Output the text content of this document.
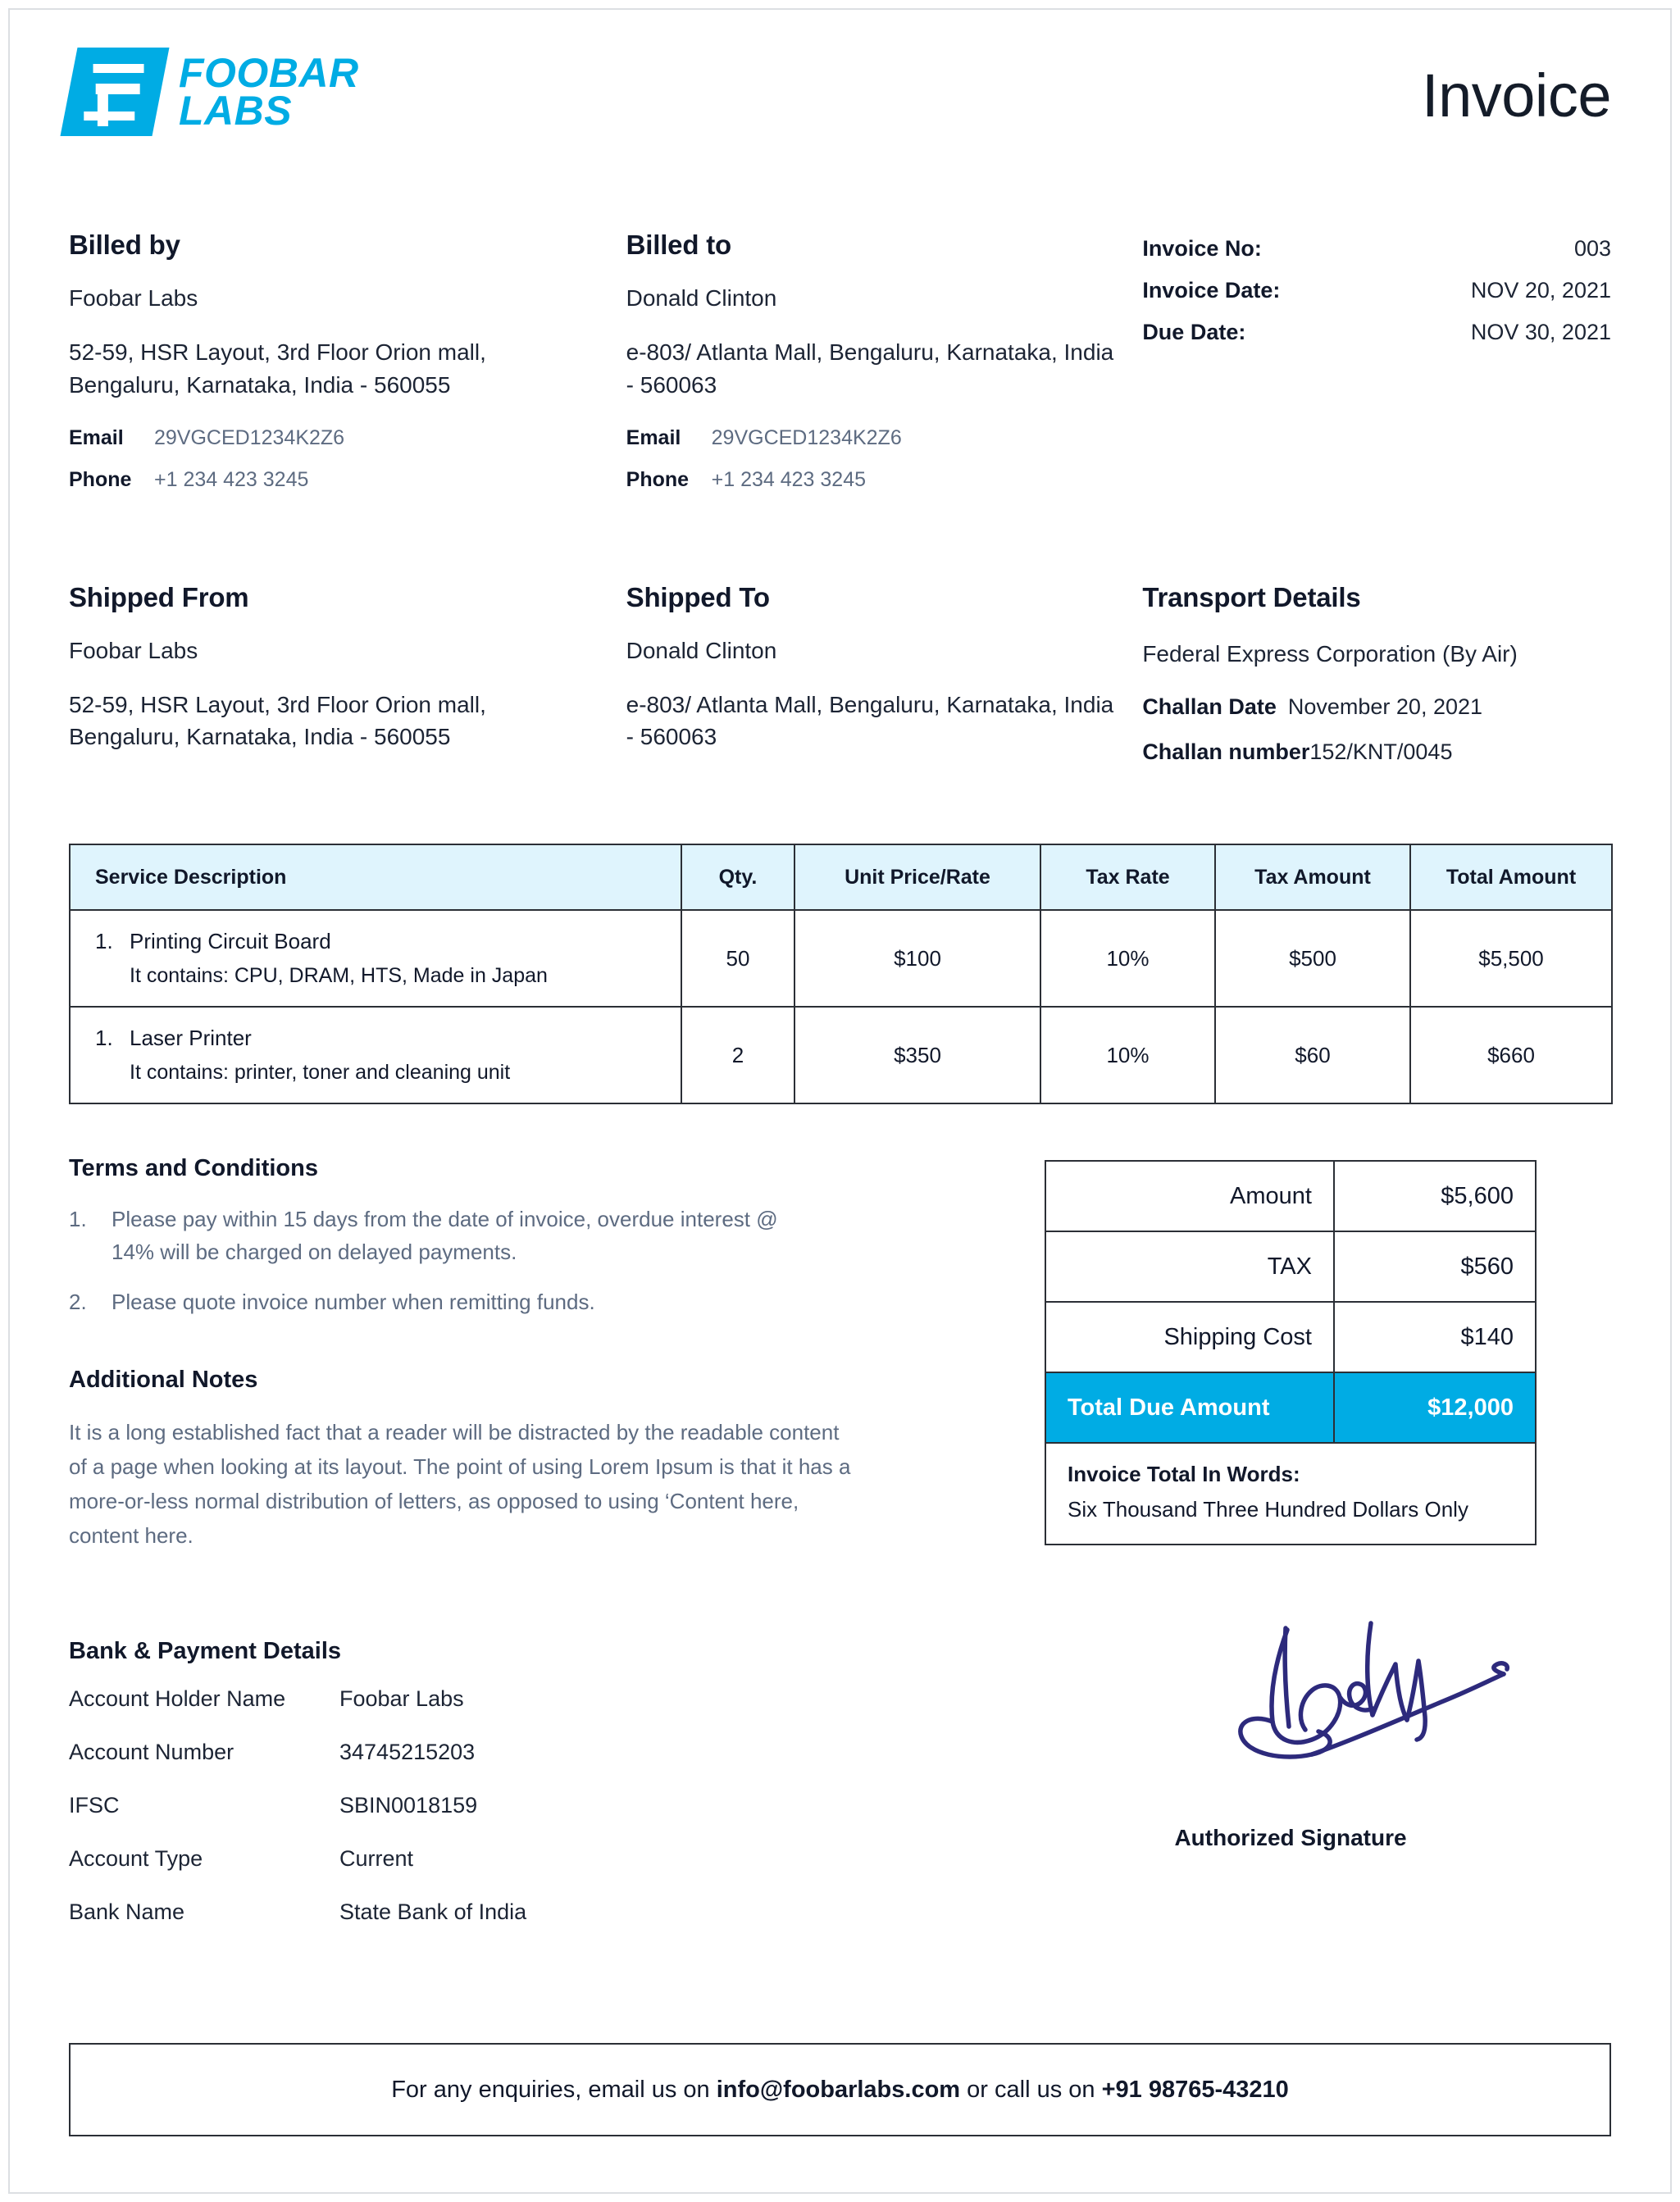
FOOBAR
LABS	Invoice
Billed by
Foobar Labs
52-59, HSR Layout, 3rd Floor Orion mall, Bengaluru, Karnataka, India - 560055
Email	29VGCED1234K2Z6
Phone	+1 234 423 3245
Billed to
Donald Clinton
e-803/ Atlanta Mall, Bengaluru, Karnataka, India - 560063
Email	29VGCED1234K2Z6
Phone	+1 234 423 3245
Invoice No:	003
Invoice Date:	NOV 20, 2021
Due Date:	NOV 30, 2021
Shipped From
Foobar Labs
52-59, HSR Layout, 3rd Floor Orion mall, Bengaluru, Karnataka, India - 560055
Shipped To
Donald Clinton
e-803/ Atlanta Mall, Bengaluru, Karnataka, India - 560063
Transport Details
Federal Express Corporation (By Air)
Challan Date November 20, 2021
Challan number 152/KNT/0045
Service Description	Qty.	Unit Price/Rate	Tax Rate	Tax Amount	Total Amount

1. Printing Circuit Board
It contains: CPU, DRAM, HTS, Made in Japan	50	$100	10%	$500	$5,500

1. Laser Printer
It contains: printer, toner and cleaning unit	2	$350	10%	$60	$660
Terms and Conditions
1.	Please pay within 15 days from the date of invoice, overdue interest @ 14% will be charged on delayed payments.
2.	Please quote invoice number when remitting funds.
Additional Notes
It is a long established fact that a reader will be distracted by the readable content of a page when looking at its layout. The point of using Lorem Ipsum is that it has a more-or-less normal distribution of letters, as opposed to using ‘Content here, content here.
Amount	$5,600
TAX	$560
Shipping Cost	$140
Total Due Amount	$12,000

Invoice Total In Words:
Six Thousand Three Hundred Dollars Only	
Bank & Payment Details
Account Holder Name	Foobar Labs
Account Number	34745215203
IFSC	SBIN0018159
Account Type	Current
Bank Name	State Bank of India
Authorized Signature
For any enquiries, email us on info@foobarlabs.com or call us on +91 98765-43210
